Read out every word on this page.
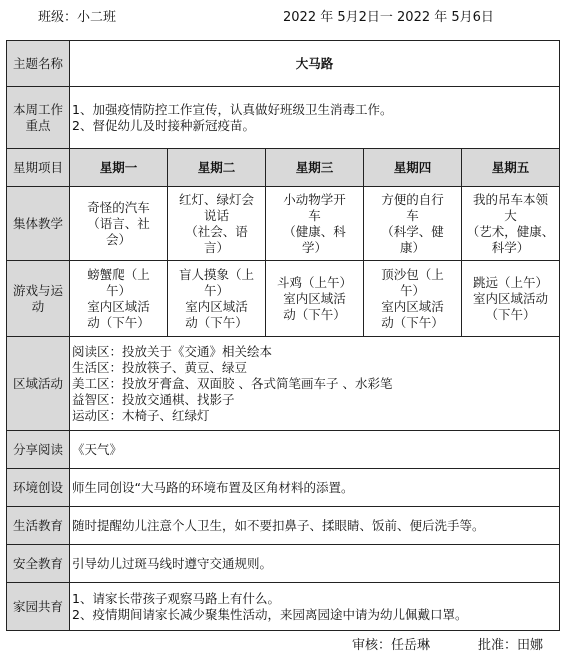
班级：小二班	2022 年 5月2日一 2022 年 5月6日
主题名称	大马路				
本周工作重点	1、加强疫情防控工作宣传，认真做好班级卫生消毒工作。
2、督促幼儿及时接种新冠疫苗。				

星期项目	星期一	星期二	星期三	星期四	星期五
集体教学	奇怪的汽车
（语言、社
会）	红灯、绿灯会
说话
（社会、语
言）	小动物学开
车
（健康、科
学）	方便的自行
车
（科学、健
康）	我的吊车本领
大
（艺术，健康、
科学）

游戏与运动	螃蟹爬（上
午）
室内区域活
动（下午）	盲人摸象（上
午）
室内区域活
动（下午）	斗鸡（上午）
室内区域活
动（下午）	顶沙包（上
午）
室内区域活
动（下午）	跳远（上午）
室内区域活动
（下午）

区域活动	阅读区：投放关于《交通》相关绘本
生活区：投放筷子、黄豆、绿豆
美工区：投放牙膏盒、双面胶 、各式简笔画车子 、水彩笔
益智区：投放交通棋、找影子
运动区：木椅子、红绿灯				

分享阅读	《天气》				
环境创设	师生同创设“大马路的环境布置及区角材料的添置。				
生活教育	随时提醒幼儿注意个人卫生，如不要扣鼻子、揉眼睛、饭前、便后洗手等。				
安全教育	引导幼儿过斑马线时遵守交通规则。				
家园共育	1、请家长带孩子观察马路上有什么。
2、疫情期间请家长减少聚集性活动，来园离园途中请为幼儿佩戴口罩。				
审核：任岳琳	批准：田娜
